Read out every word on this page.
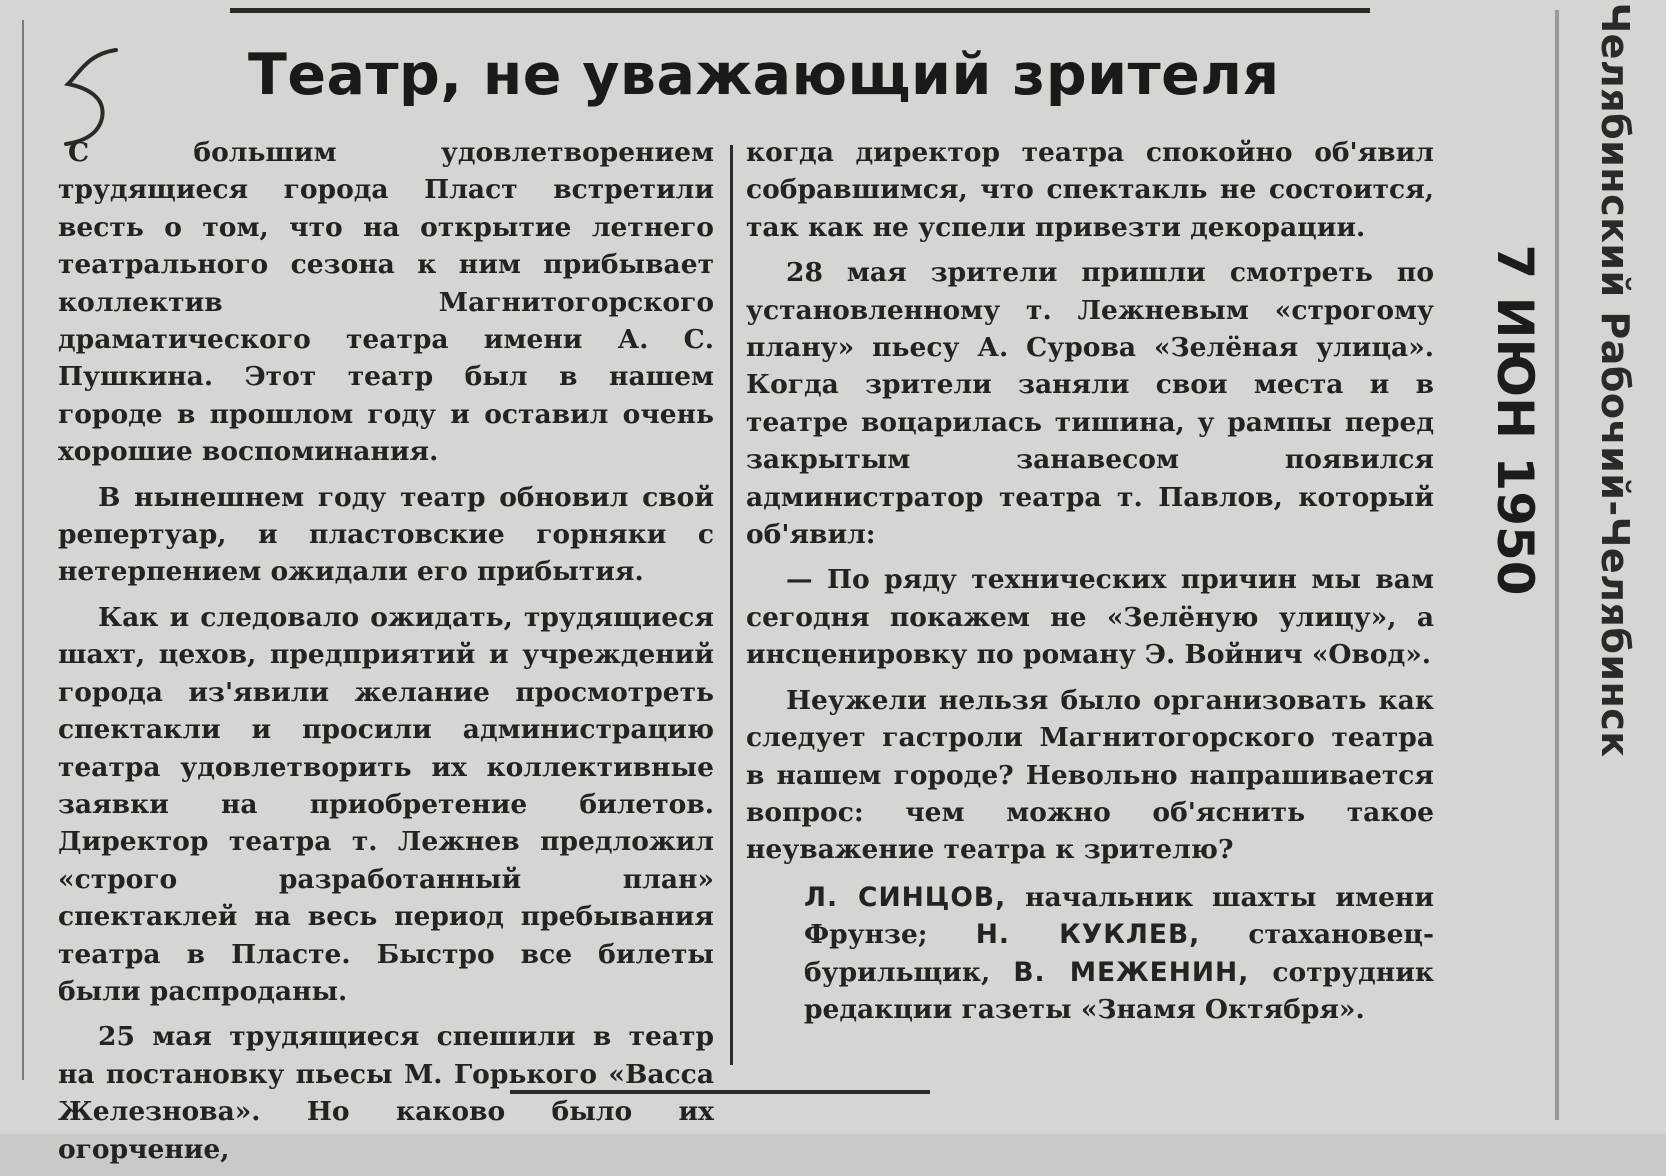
Театр, не уважающий зрителя

С большим удовлетворением трудящиеся города Пласт встретили весть о том, что на открытие летнего театрального сезона к ним прибывает коллектив Магнитогорского драматического театра имени А. С. Пушкина. Этот театр был в нашем городе в прошлом году и оставил очень хорошие воспоминания.

В нынешнем году театр обновил свой репертуар, и пластовские горняки с нетерпением ожидали его прибытия.

Как и следовало ожидать, трудящиеся шахт, цехов, предприятий и учреждений города из'явили желание просмотреть спектакли и просили администрацию театра удовлетворить их коллективные заявки на приобретение билетов. Директор театра т. Лежнев предложил «строго разработанный план» спектаклей на весь период пребывания театра в Пласте. Быстро все билеты были распроданы.

25 мая трудящиеся спешили в театр на постановку пьесы М. Горького «Васса Железнова». Но каково было их огорчение,

когда директор театра спокойно об'явил собравшимся, что спектакль не состоится, так как не успели привезти декорации.

28 мая зрители пришли смотреть по установленному т. Лежневым «строгому плану» пьесу А. Сурова «Зелёная улица». Когда зрители заняли свои места и в театре воцарилась тишина, у рампы перед закрытым занавесом появился администратор театра т. Павлов, который об'явил:

— По ряду технических причин мы вам сегодня покажем не «Зелёную улицу», а инсценировку по роману Э. Войнич «Овод».

Неужели нельзя было организовать как следует гастроли Магнитогорского театра в нашем городе? Невольно напрашивается вопрос: чем можно об'яснить такое неуважение театра к зрителю?

Л. СИНЦОВ, начальник шахты имени Фрунзе; Н. КУКЛЕВ, стахановец-бурильщик, В. МЕЖЕНИН, сотрудник редакции газеты «Знамя Октября».

7 ИЮН 1950 Челябинский Рабочий-Челябинск
